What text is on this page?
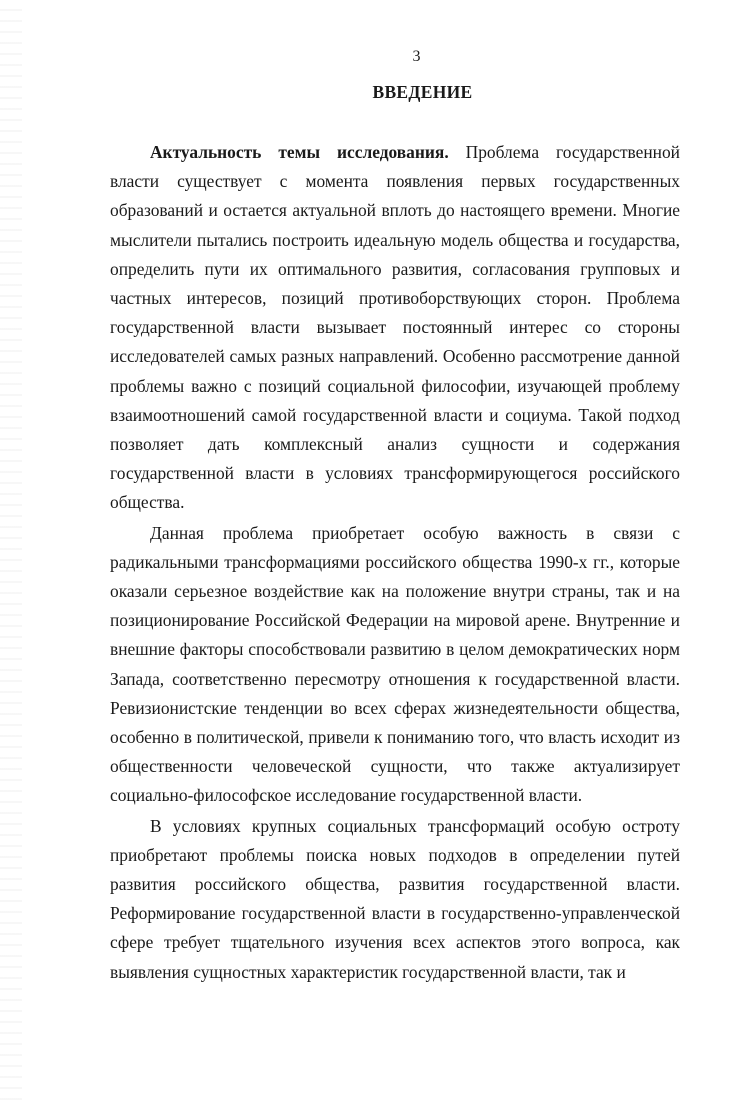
3
ВВЕДЕНИЕ

Актуальность темы исследования. Проблема государственной власти существует с момента появления первых государственных образований и остается актуальной вплоть до настоящего времени. Многие мыслители пытались построить идеальную модель общества и государства, определить пути их оптимального развития, согласования групповых и частных интересов, позиций противоборствующих сторон. Проблема государственной власти вызывает постоянный интерес со стороны исследователей самых разных направлений. Особенно рассмотрение данной проблемы важно с позиций социальной философии, изучающей проблему взаимоотношений самой государственной власти и социума. Такой подход позволяет дать комплексный анализ сущности и содержания государственной власти в условиях трансформирующегося российского общества.

Данная проблема приобретает особую важность в связи с радикальными трансформациями российского общества 1990-х гг., которые оказали серьезное воздействие как на положение внутри страны, так и на позиционирование Российской Федерации на мировой арене. Внутренние и внешние факторы способствовали развитию в целом демократических норм Запада, соответственно пересмотру отношения к государственной власти. Ревизионистские тенденции во всех сферах жизнедеятельности общества, особенно в политической, привели к пониманию того, что власть исходит из общественности человеческой сущности, что также актуализирует социально-философское исследование государственной власти.

В условиях крупных социальных трансформаций особую остроту приобретают проблемы поиска новых подходов в определении путей развития российского общества, развития государственной власти. Реформирование государственной власти в государственно-управленческой сфере требует тщательного изучения всех аспектов этого вопроса, как выявления сущностных характеристик государственной власти, так и
